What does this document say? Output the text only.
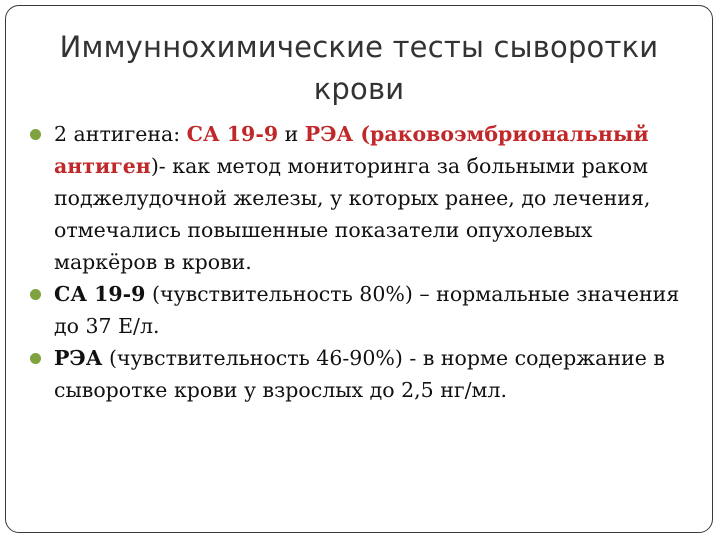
Иммуннохимические тесты сыворотки
крови
2 антигена: СА 19-9 и РЭА (раковоэмбриональный антиген)- как метод мониторинга за больными раком поджелудочной железы, у которых ранее, до лечения, отмечались повышенные показатели опухолевых маркёров в крови.
СА 19-9 (чувствительность 80%) – нормальные значения до 37 Е/л.
РЭА (чувствительность 46-90%) - в норме содержание в сыворотке крови у взрослых до 2,5 нг/мл.
